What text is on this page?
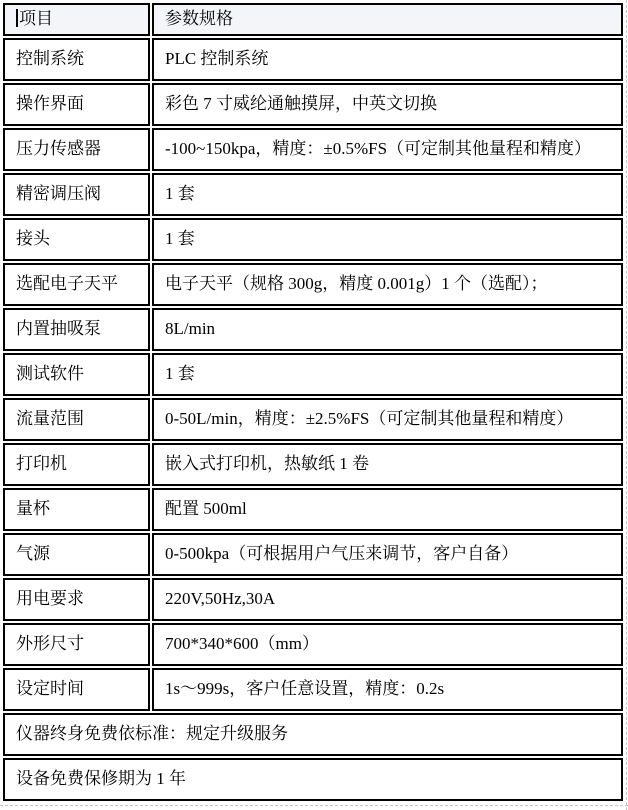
项目	参数规格
控制系统	PLC 控制系统
操作界面	彩色 7 寸威纶通触摸屏，中英文切换
压力传感器	-100~150kpa，精度：±0.5%FS（可定制其他量程和精度）
精密调压阀	1 套
接头	1 套
选配电子天平	电子天平（规格 300g，精度 0.001g）1 个（选配）；
内置抽吸泵	8L/min
测试软件	1 套
流量范围	0-50L/min，精度：±2.5%FS（可定制其他量程和精度）
打印机	嵌入式打印机，热敏纸 1 卷
量杯	配置 500ml
气源	0-500kpa（可根据用户气压来调节，客户自备）
用电要求	220V,50Hz,30A
外形尺寸	700*340*600（mm）
设定时间	1s～999s，客户任意设置，精度：0.2s
仪器终身免费依标准：规定升级服务	
设备免费保修期为 1 年	
